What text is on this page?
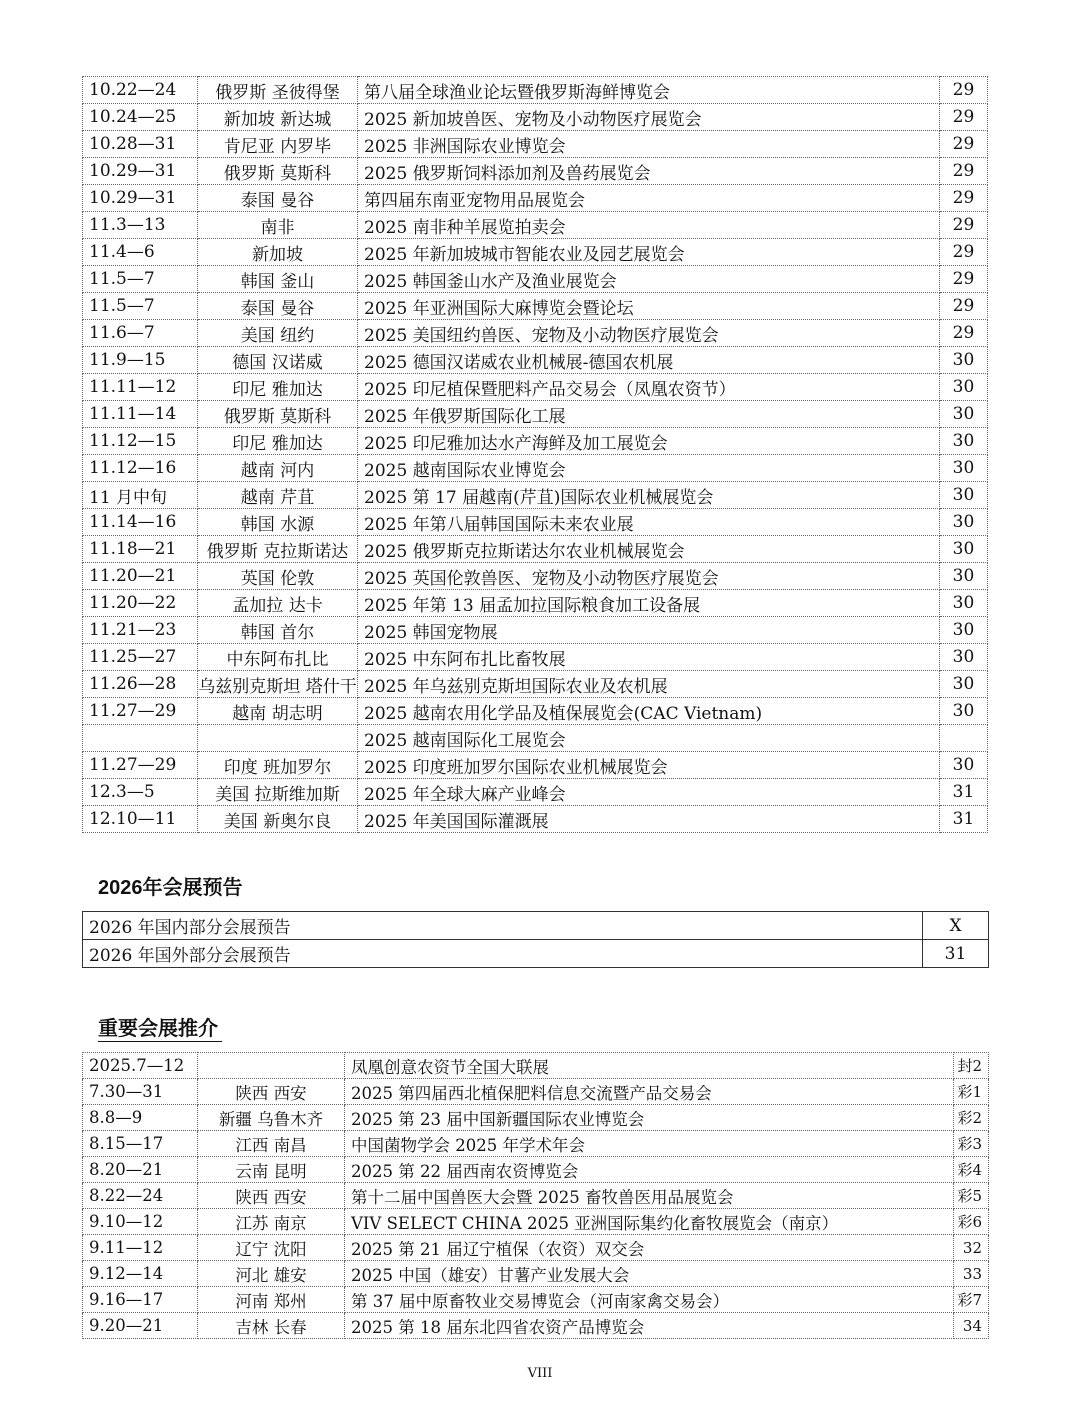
10.22—24	俄罗斯 圣彼得堡	第八届全球渔业论坛暨俄罗斯海鲜博览会	29
10.24—25	新加坡 新达城	2025 新加坡兽医、宠物及小动物医疗展览会	29
10.28—31	肯尼亚 内罗毕	2025 非洲国际农业博览会	29
10.29—31	俄罗斯 莫斯科	2025 俄罗斯饲料添加剂及兽药展览会	29
10.29—31	泰国 曼谷	第四届东南亚宠物用品展览会	29
11.3—13	南非	2025 南非种羊展览拍卖会	29
11.4—6	新加坡	2025 年新加坡城市智能农业及园艺展览会	29
11.5—7	韩国 釜山	2025 韩国釜山水产及渔业展览会	29
11.5—7	泰国 曼谷	2025 年亚洲国际大麻博览会暨论坛	29
11.6—7	美国 纽约	2025 美国纽约兽医、宠物及小动物医疗展览会	29
11.9—15	德国 汉诺威	2025 德国汉诺威农业机械展-德国农机展	30
11.11—12	印尼 雅加达	2025 印尼植保暨肥料产品交易会（凤凰农资节）	30
11.11—14	俄罗斯 莫斯科	2025 年俄罗斯国际化工展	30
11.12—15	印尼 雅加达	2025 印尼雅加达水产海鲜及加工展览会	30
11.12—16	越南 河内	2025 越南国际农业博览会	30
11 月中旬	越南 芹苴	2025 第 17 届越南(芹苴)国际农业机械展览会	30
11.14—16	韩国 水源	2025 年第八届韩国国际未来农业展	30
11.18—21	俄罗斯 克拉斯诺达	2025 俄罗斯克拉斯诺达尔农业机械展览会	30
11.20—21	英国 伦敦	2025 英国伦敦兽医、宠物及小动物医疗展览会	30
11.20—22	孟加拉 达卡	2025 年第 13 届孟加拉国际粮食加工设备展	30
11.21—23	韩国 首尔	2025 韩国宠物展	30
11.25—27	中东阿布扎比	2025 中东阿布扎比畜牧展	30
11.26—28	乌兹别克斯坦 塔什干	2025 年乌兹别克斯坦国际农业及农机展	30
11.27—29	越南 胡志明	2025 越南农用化学品及植保展览会(CAC Vietnam)	30
		2025 越南国际化工展览会	
11.27—29	印度 班加罗尔	2025 印度班加罗尔国际农业机械展览会	30
12.3—5	美国 拉斯维加斯	2025 年全球大麻产业峰会	31
12.10—11	美国 新奥尔良	2025 年美国国际灌溉展	31
2026年会展预告
2026 年国内部分会展预告	X
2026 年国外部分会展预告	31
重要会展推介
2025.7—12		凤凰创意农资节全国大联展	封2
7.30—31	陕西 西安	2025 第四届西北植保肥料信息交流暨产品交易会	彩1
8.8—9	新疆 乌鲁木齐	2025 第 23 届中国新疆国际农业博览会	彩2
8.15—17	江西 南昌	中国菌物学会 2025 年学术年会	彩3
8.20—21	云南 昆明	2025 第 22 届西南农资博览会	彩4
8.22—24	陕西 西安	第十二届中国兽医大会暨 2025 畜牧兽医用品展览会	彩5
9.10—12	江苏 南京	VIV SELECT CHINA 2025 亚洲国际集约化畜牧展览会（南京）	彩6
9.11—12	辽宁 沈阳	2025 第 21 届辽宁植保（农资）双交会	32
9.12—14	河北 雄安	2025 中国（雄安）甘薯产业发展大会	33
9.16—17	河南 郑州	第 37 届中原畜牧业交易博览会（河南家禽交易会）	彩7
9.20—21	吉林 长春	2025 第 18 届东北四省农资产品博览会	34
VIII
